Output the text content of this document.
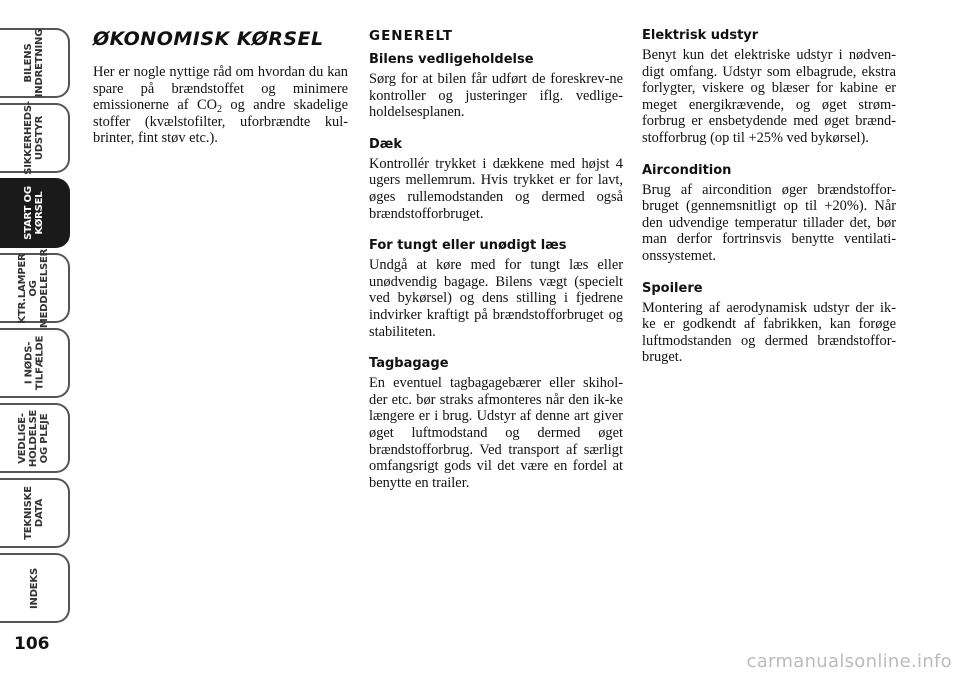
BILENS
INDRETNING
SIKKERHEDS-
UDSTYR
START OG
KØRSEL
KTR.LAMPER
OG
MEDDELELSER
I NØDS-
TILFÆLDE
VEDLIGE-
HOLDELSE
OG PLEJE
TEKNISKE
DATA
INDEKS
106
ØKONOMISK KØRSEL

Her er nogle nyttige råd om hvordan du kan spare på brændstoffet og minimere emissionerne af $CO_2$ og andre skadelige stoffer (kvælstofilter, uforbrændte kul-brinter, fint støv etc.).

GENERELT
Bilens vedligeholdelse

Sørg for at bilen får udført de foreskrev-ne kontroller og justeringer iflg. vedlige-holdelsesplanen.

Dæk

Kontrollér trykket i dækkene med højst 4 ugers mellemrum. Hvis trykket er for lavt, øges rullemodstanden og dermed også brændstofforbruget.

For tungt eller unødigt læs

Undgå at køre med for tungt læs eller unødvendig bagage. Bilens vægt (specielt ved bykørsel) og dens stilling i fjedrene indvirker kraftigt på brændstofforbruget og stabiliteten.

Tagbagage

En eventuel tagbagagebærer eller skihol-der etc. bør straks afmonteres når den ik-ke længere er i brug. Udstyr af denne art giver øget luftmodstand og dermed øget brændstofforbrug. Ved transport af særligt omfangsrigt gods vil det være en fordel at benytte en trailer.

Elektrisk udstyr

Benyt kun det elektriske udstyr i nødven-digt omfang. Udstyr som elbagrude, ekstra forlygter, viskere og blæser for kabine er meget energikrævende, og øget strøm-forbrug er ensbetydende med øget brænd-stofforbrug (op til +25% ved bykørsel).

Aircondition

Brug af aircondition øger brændstoffor-bruget (gennemsnitligt op til +20%). Når den udvendige temperatur tillader det, bør man derfor fortrinsvis benytte ventilati-onssystemet.

Spoilere

Montering af aerodynamisk udstyr der ik-ke er godkendt af fabrikken, kan forøge luftmodstanden og dermed brændstoffor-bruget.

carmanualsonline.info
